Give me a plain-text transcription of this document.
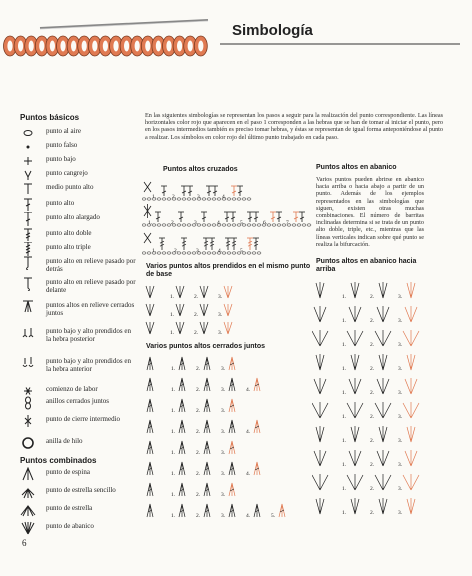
Simbología
Puntos básicos
punto al aire
punto falso
punto bajo
punto cangrejo
medio punto alto
punto alto
punto alto alargado
punto alto doble
punto alto triple
punto alto en relieve pasado por detrás
punto alto en relieve pasado por delante
puntos altos en relieve cerrados juntos
punto bajo y alto prendidos en la hebra posterior
punto bajo y alto prendidos en la hebra anterior
comienzo de labor
anillos cerrados juntos
punto de cierre intermedio
anilla de hilo
Puntos combinados
punto de espina
punto de estrella sencillo
punto de estrella
punto de abanico
En las siguientes simbologías se representan los pasos a seguir para la realización del punto correspondiente. Las líneas horizontales color rojo que aparecen en el paso 1 corresponden a las hebras que se han de tomar al iniciar el punto, pero en los pasos intermedios también es preciso tomar hebras, y éstas se representan de igual forma anteponiéndose al punto a realizar. Los símbolos en color rojo del último punto trabajado en cada paso.
Puntos altos cruzados
1.	2.	3.	4.
1.	2.	3.	4.	5.	6.	7.
1.	2.	3.	4.	5.
Varios puntos altos prendidos en el mismo punto de base
1.	2.	3.
1.	2.	3.
1.	2.	3.
Varios puntos altos cerrados juntos
1.	2.	3.
1.	2.	3.	4.
1.	2.	3.
1.	2.	3.	4.
1.	2.	3.
1.	2.	3.	4.
1.	2.	3.
1.	2.	3.	4.	5.
Puntos altos en abanico
Varios puntos pueden abrirse en abanico hacia arriba o hacia abajo a partir de un punto. Además de los ejemplos representados en las simbologías que siguen, existen otras muchas combinaciones. El número de barritas inclinadas determina si se trata de un punto alto doble, triple, etc., mientras que las líneas verticales indican sobre qué punto se realiza la bifurcación.
Puntos altos en abanico hacia arriba
1.	2.	3.
1.	2.	3.
1.	2.	3.
1.	2.	3.
1.	2.	3.
1.	2.	3.
1.	2.	3.
1.	2.	3.
1.	2.	3.
1.	2.	3.
6
